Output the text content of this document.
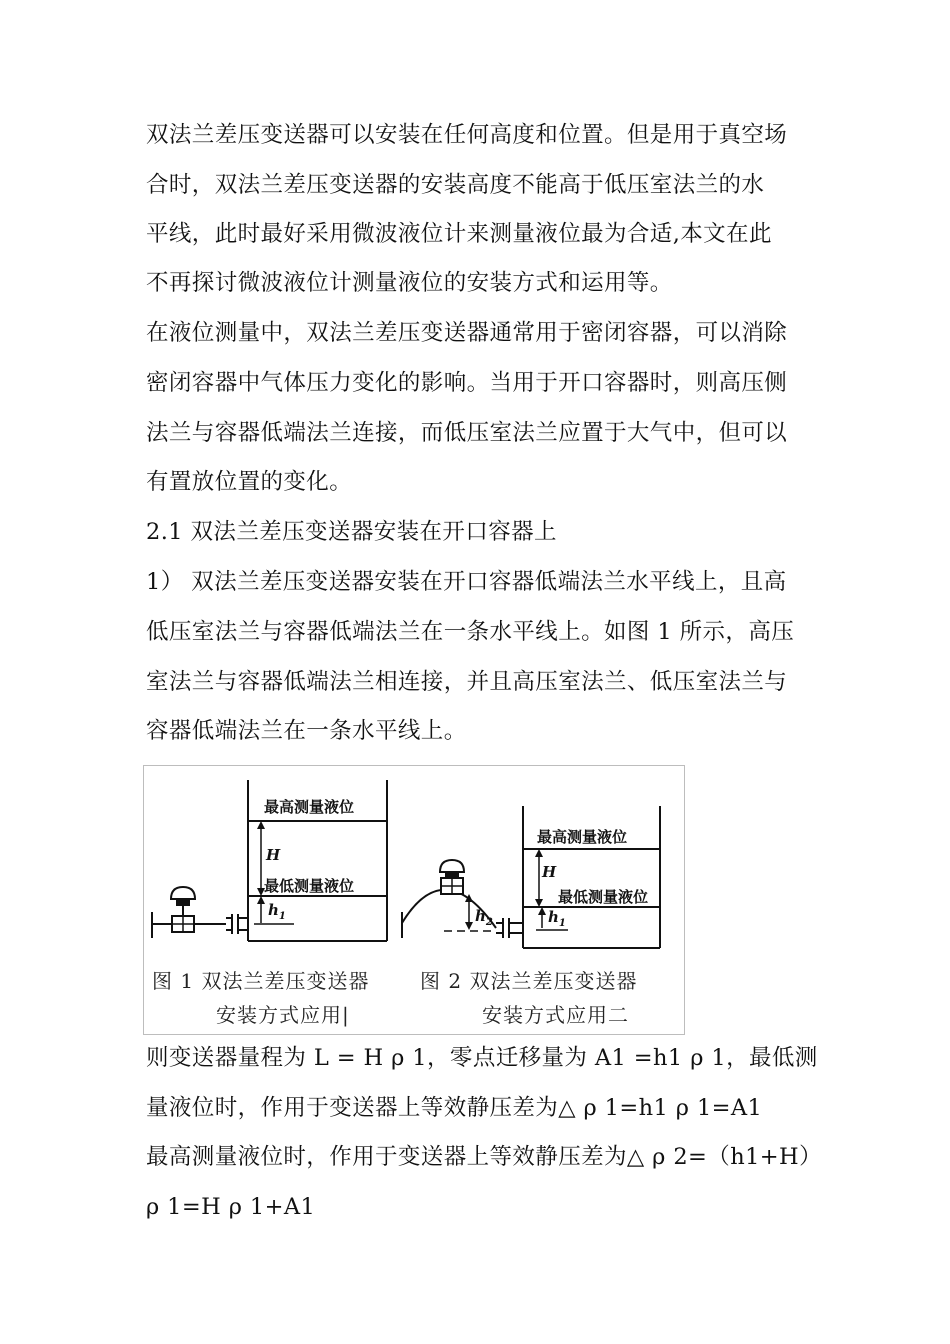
双法兰差压变送器可以安装在任何高度和位置。但是用于真空场
合时，双法兰差压变送器的安装高度不能高于低压室法兰的水
平线，此时最好采用微波液位计来测量液位最为合适,本文在此
不再探讨微波液位计测量液位的安装方式和运用等。
在液位测量中，双法兰差压变送器通常用于密闭容器，可以消除
密闭容器中气体压力变化的影响。当用于开口容器时，则高压侧
法兰与容器低端法兰连接，而低压室法兰应置于大气中，但可以
有置放位置的变化。
2.1 双法兰差压变送器安装在开口容器上
1） 双法兰差压变送器安装在开口容器低端法兰水平线上，且高
低压室法兰与容器低端法兰在一条水平线上。如图 1 所示，高压
室法兰与容器低端法兰相连接，并且高压室法兰、低压室法兰与
容器低端法兰在一条水平线上。
最高测量液位
H
最低测量液位
$h_1$
最高测量液位
H
最低测量液位
$h_1$
$h_2$
图 1 双法兰差压变送器
安装方式应用|
图 2 双法兰差压变送器
安装方式应用二
则变送器量程为 L = H ρ 1，零点迁移量为 A1 =h1 ρ 1，最低测
量液位时，作用于变送器上等效静压差为△ ρ 1=h1 ρ 1=A1
最高测量液位时，作用于变送器上等效静压差为△ ρ 2=（h1+H）
ρ 1=H ρ 1+A1
